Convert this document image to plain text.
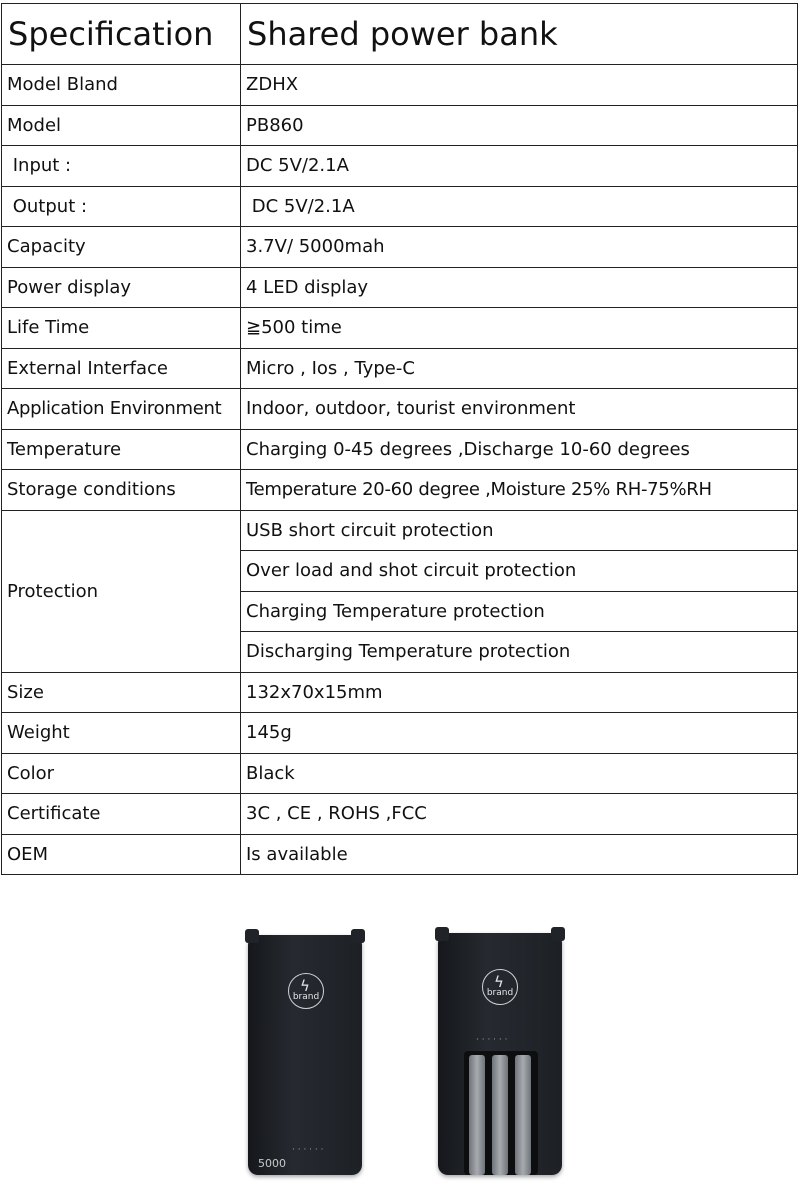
Specification	Shared power bank
Model Bland	ZDHX
Model	PB860
Input :	DC 5V/2.1A
Output :	DC 5V/2.1A
Capacity	3.7V/ 5000mah
Power display	4 LED display
Life Time	≧500 time
External Interface	Micro , Ios , Type-C
Application Environment	Indoor, outdoor, tourist environment
Temperature	Charging 0-45 degrees ,Discharge 10-60 degrees
Storage conditions	Temperature 20-60 degree ,Moisture 25% RH-75%RH
Protection	USB short circuit protection
	Over load and shot circuit protection
	Charging Temperature protection
	Discharging Temperature protection
Size	132x70x15mm
Weight	145g
Color	Black
Certificate	3C , CE , ROHS ,FCC
OEM	Is available
ϟ
brand
5000
· · · · · ·
ϟ
brand
· · · · · ·
